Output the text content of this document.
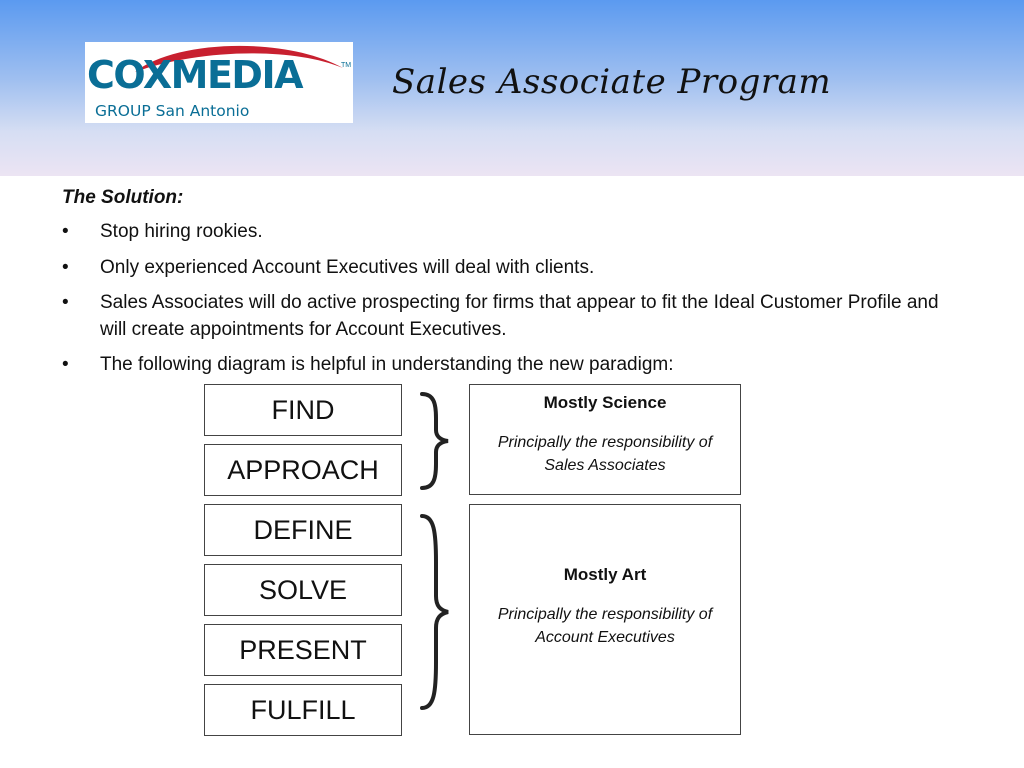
COXMEDIA	TM
GROUP San Antonio
Sales Associate Program
The Solution:
• Stop hiring rookies.
• Only experienced Account Executives will deal with clients.
• Sales Associates will do active prospecting for firms that appear to fit the Ideal Customer Profile and will create appointments for Account Executives.
• The following diagram is helpful in understanding the new paradigm:
FIND
APPROACH
DEFINE
SOLVE
PRESENT
FULFILL
Mostly Science
Principally the responsibility of Sales Associates
Mostly Art
Principally the responsibility of Account Executives
